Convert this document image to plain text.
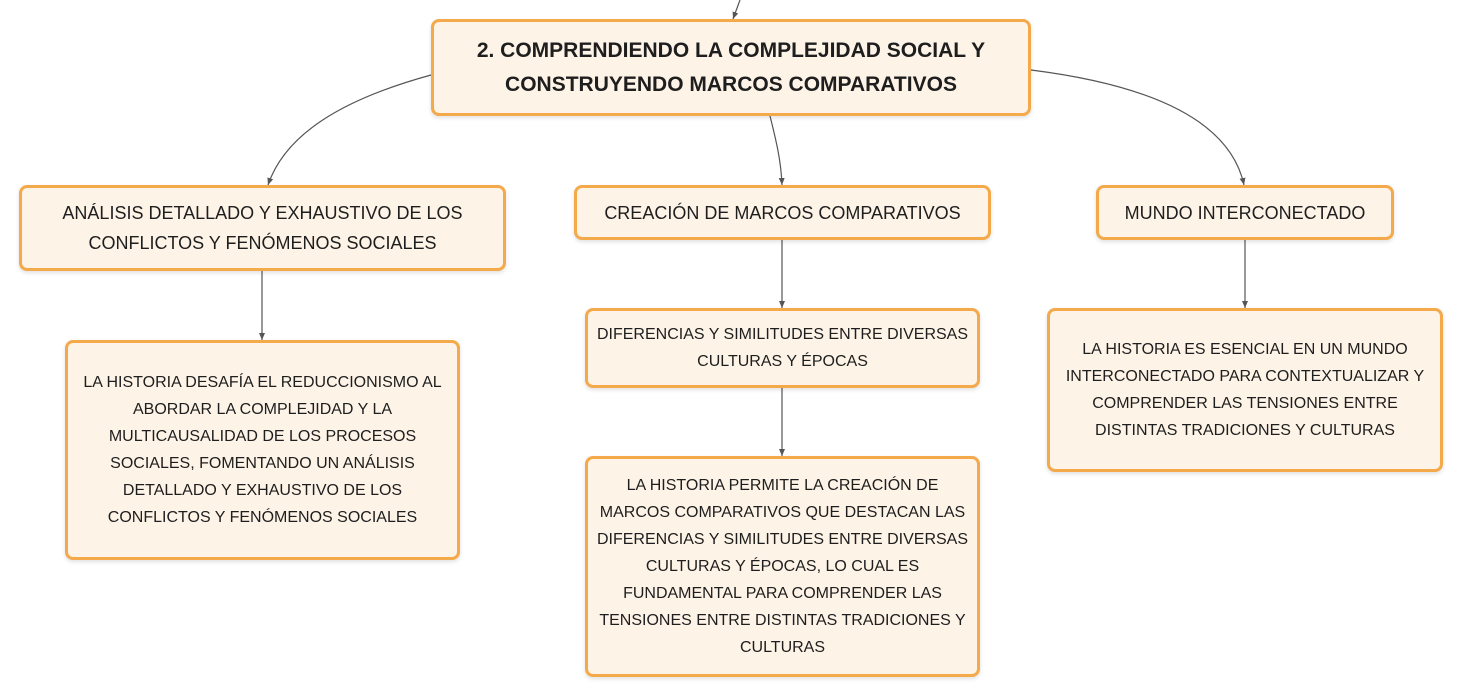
2. COMPRENDIENDO LA COMPLEJIDAD SOCIAL Y CONSTRUYENDO MARCOS COMPARATIVOS
ANÁLISIS DETALLADO Y EXHAUSTIVO DE LOS CONFLICTOS Y FENÓMENOS SOCIALES
CREACIÓN DE MARCOS COMPARATIVOS	MUNDO INTERCONECTADO
LA HISTORIA DESAFÍA EL REDUCCIONISMO AL ABORDAR LA COMPLEJIDAD Y LA MULTICAUSALIDAD DE LOS PROCESOS SOCIALES, FOMENTANDO UN ANÁLISIS DETALLADO Y EXHAUSTIVO DE LOS CONFLICTOS Y FENÓMENOS SOCIALES
DIFERENCIAS Y SIMILITUDES ENTRE DIVERSAS CULTURAS Y ÉPOCAS
LA HISTORIA PERMITE LA CREACIÓN DE MARCOS COMPARATIVOS QUE DESTACAN LAS DIFERENCIAS Y SIMILITUDES ENTRE DIVERSAS CULTURAS Y ÉPOCAS, LO CUAL ES FUNDAMENTAL PARA COMPRENDER LAS TENSIONES ENTRE DISTINTAS TRADICIONES Y CULTURAS
LA HISTORIA ES ESENCIAL EN UN MUNDO INTERCONECTADO PARA CONTEXTUALIZAR Y COMPRENDER LAS TENSIONES ENTRE DISTINTAS TRADICIONES Y CULTURAS
